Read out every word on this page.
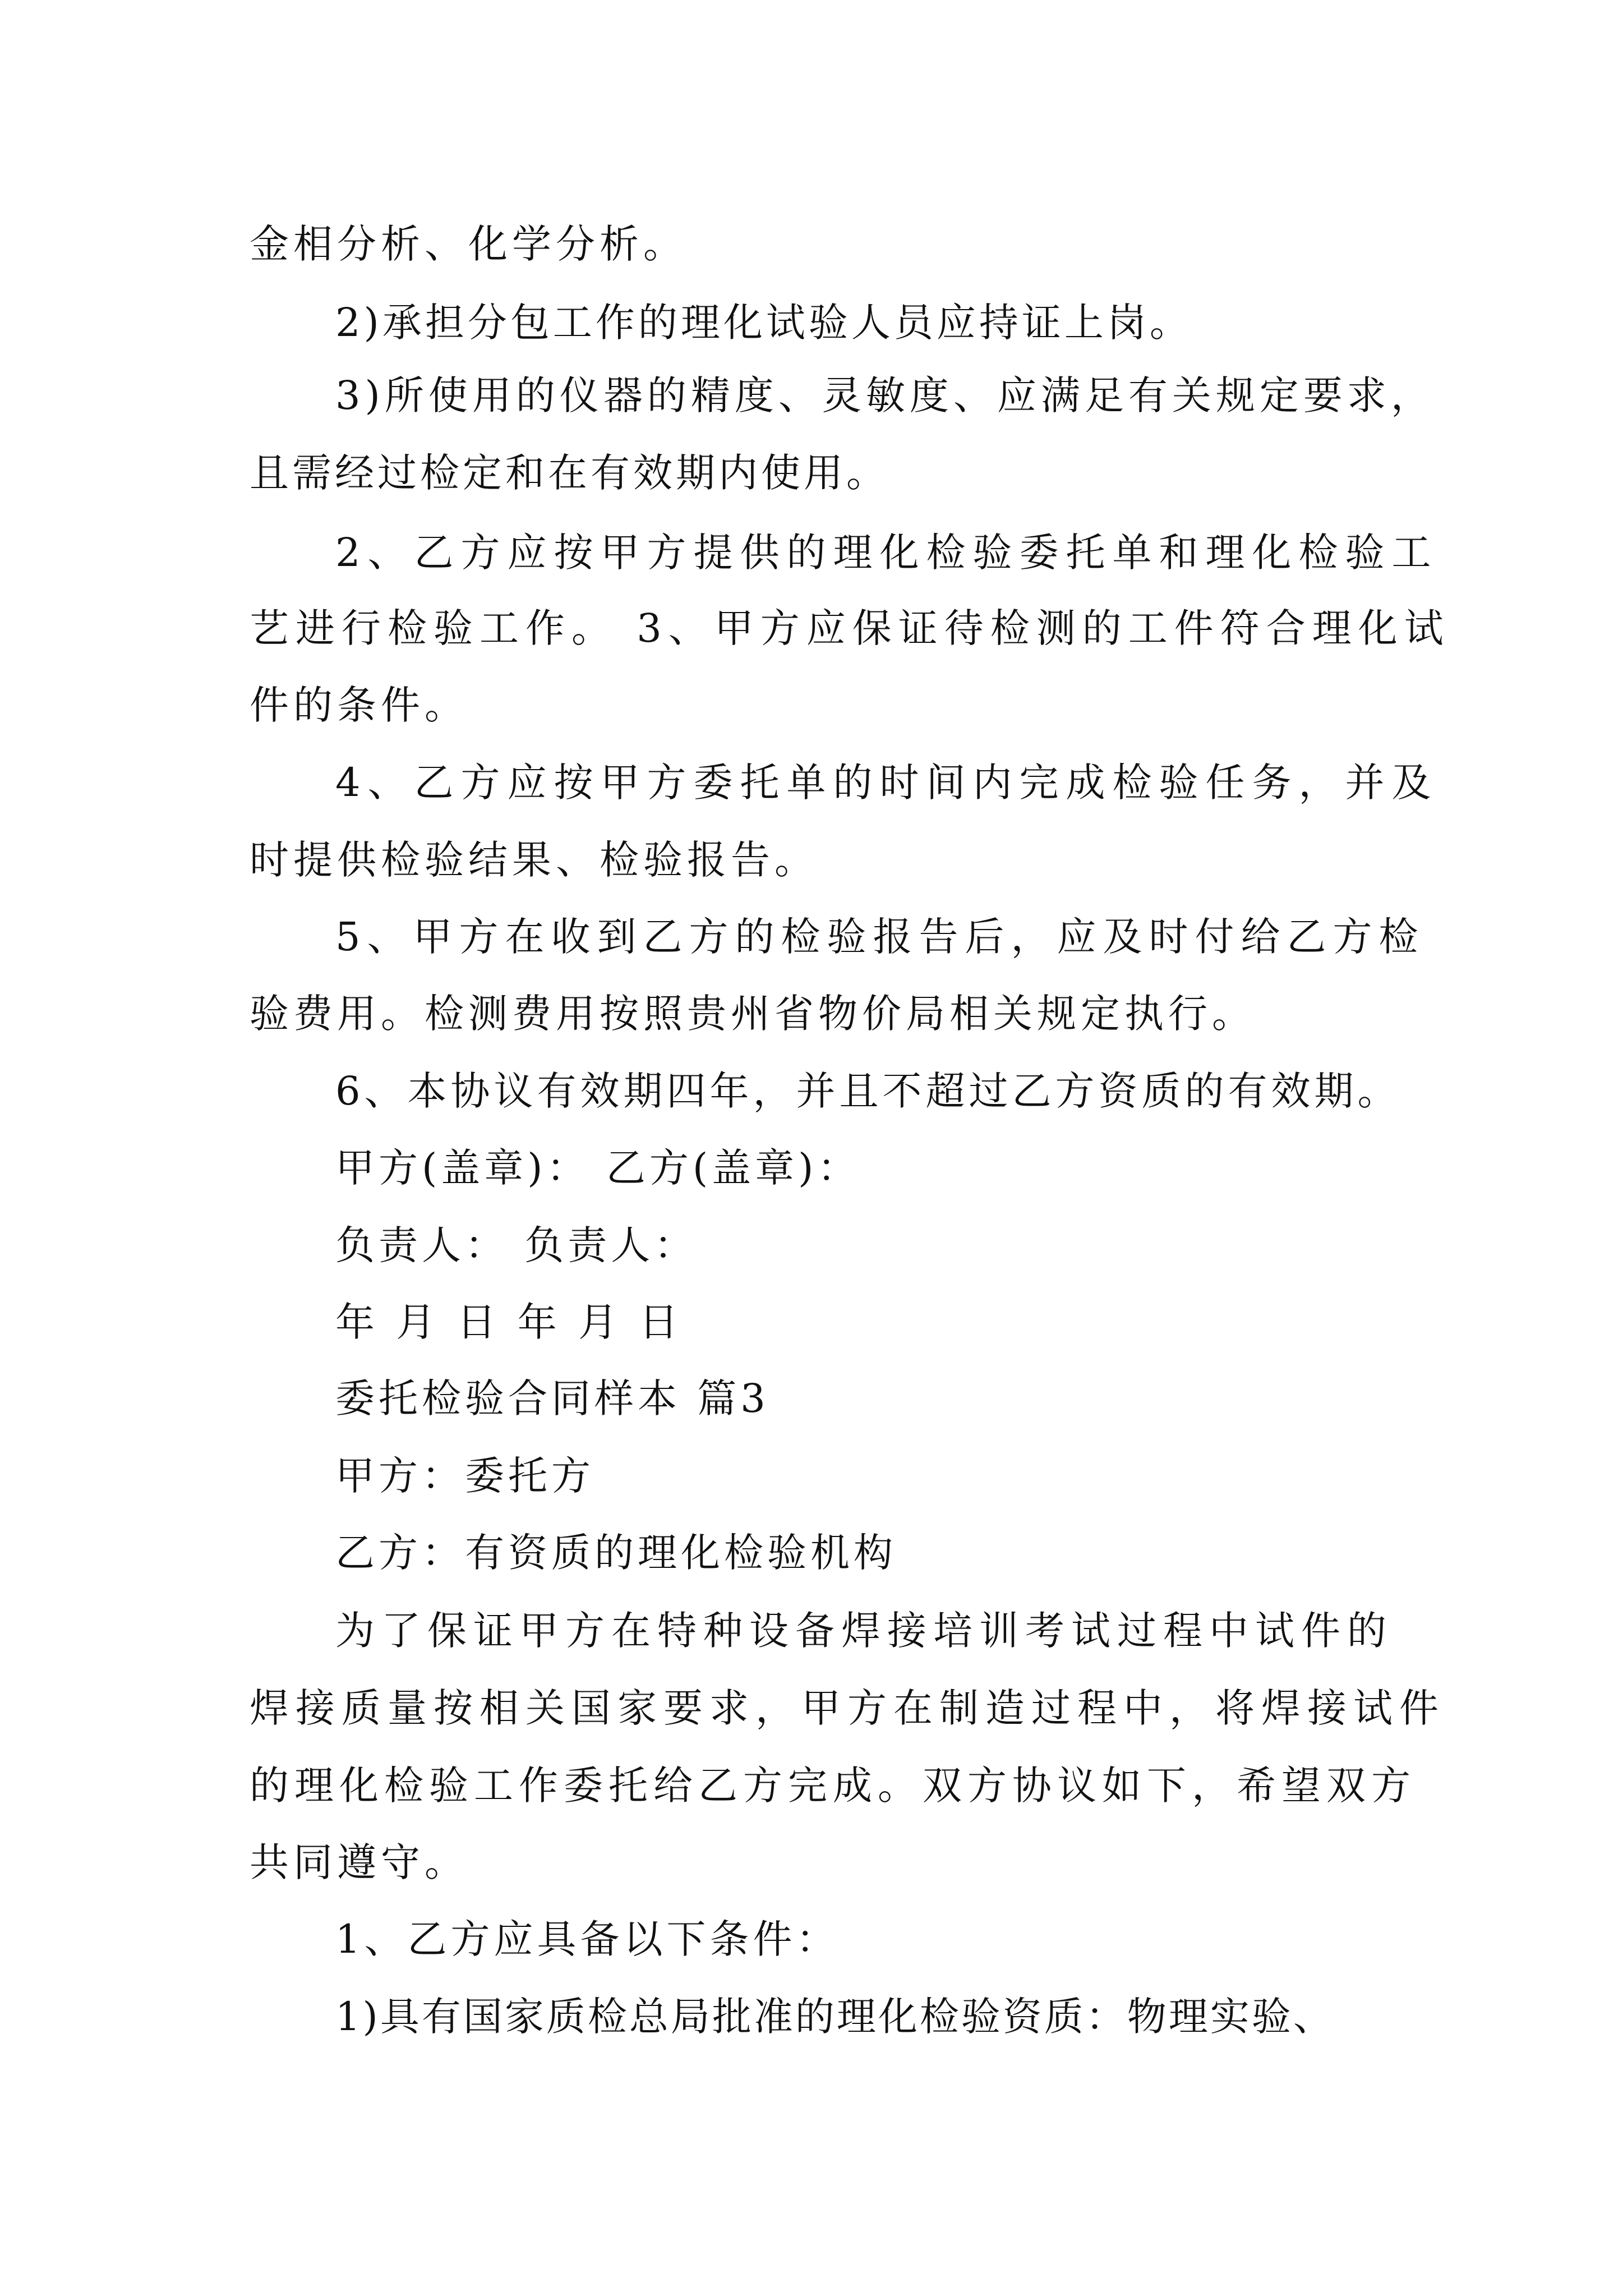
金相分析、化学分析。

2)承担分包工作的理化试验人员应持证上岗。

3)所使用的仪器的精度、灵敏度、应满足有关规定要求，

且需经过检定和在有效期内使用。

2、乙方应按甲方提供的理化检验委托单和理化检验工

艺进行检验工作。 3、甲方应保证待检测的工件符合理化试

件的条件。

4、乙方应按甲方委托单的时间内完成检验任务，并及

时提供检验结果、检验报告。

5、甲方在收到乙方的检验报告后，应及时付给乙方检

验费用。检测费用按照贵州省物价局相关规定执行。

6、本协议有效期四年，并且不超过乙方资质的有效期。

甲方(盖章)： 乙方(盖章)：

负责人： 负责人：

年 月 日 年 月 日

委托检验合同样本 篇3

甲方：委托方

乙方：有资质的理化检验机构

为了保证甲方在特种设备焊接培训考试过程中试件的

焊接质量按相关国家要求，甲方在制造过程中，将焊接试件

的理化检验工作委托给乙方完成。双方协议如下，希望双方

共同遵守。

1、乙方应具备以下条件：

1)具有国家质检总局批准的理化检验资质：物理实验、
